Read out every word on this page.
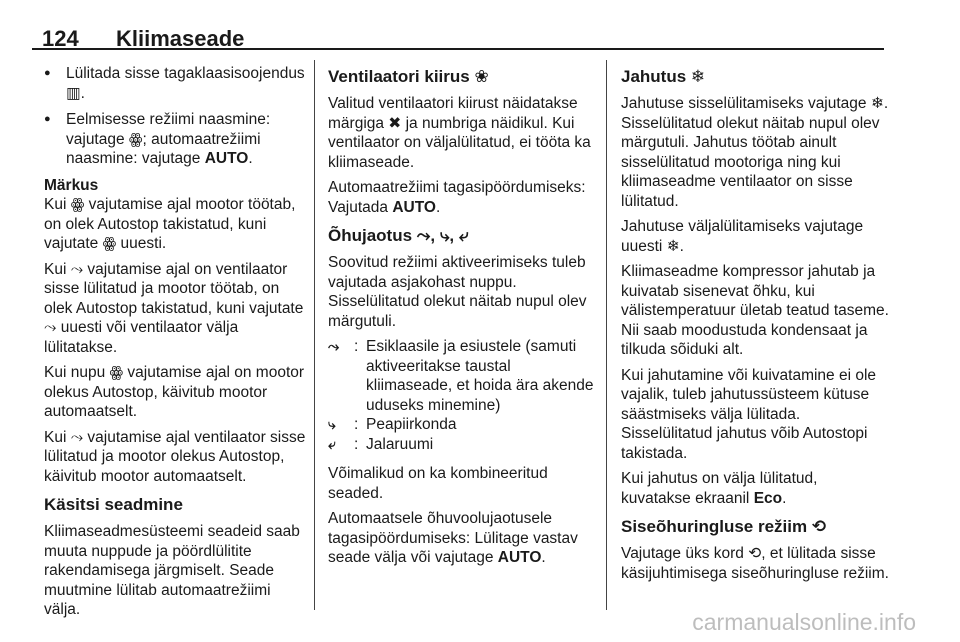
124 Kliimaseade

● Lülitada sisse tagaklaasisoojendus ▥.

● Eelmisesse režiimi naasmine: vajutage ꙮ; automaatrežiimi naasmine: vajutage AUTO.

Märkus

Kui ꙮ vajutamise ajal mootor töötab, on olek Autostop takistatud, kuni vajutate ꙮ uuesti.

Kui ⤳ vajutamise ajal on ventilaator sisse lülitatud ja mootor töötab, on olek Autostop takistatud, kuni vajutate ⤳ uuesti või ventilaator välja lülitatakse.

Kui nupu ꙮ vajutamise ajal on mootor olekus Autostop, käivitub mootor automaatselt.

Kui ⤳ vajutamise ajal ventilaator sisse lülitatud ja mootor olekus Autostop, käivitub mootor automaatselt.

Käsitsi seadmine

Kliimaseadmesüsteemi seadeid saab muuta nuppude ja pöördlülitite rakendamisega järgmiselt. Seade muutmine lülitab automaatrežiimi välja.

Ventilaatori kiirus ❀

Valitud ventilaatori kiirust näidatakse märgiga ✖ ja numbriga näidikul. Kui ventilaator on väljalülitatud, ei tööta ka kliimaseade.

Automaatrežiimi tagasipöördumiseks: Vajutada AUTO.

Õhujaotus ⤳, ⤷, ⤶

Soovitud režiimi aktiveerimiseks tuleb vajutada asjakohast nuppu. Sisselülitatud olekut näitab nupul olev märgutuli.

⤳ : Esiklaasile ja esiustele (samuti aktiveeritakse taustal kliimaseade, et hoida ära akende uduseks minemine)
⤷	: Peapiirkonda
⤶	: Jalaruumi

Võimalikud on ka kombineeritud seaded.

Automaatsele õhuvoolujaotusele tagasipöördumiseks: Lülitage vastav seade välja või vajutage AUTO.

Jahutus ❄

Jahutuse sisselülitamiseks vajutage ❄. Sisselülitatud olekut näitab nupul olev märgutuli. Jahutus töötab ainult sisselülitatud mootoriga ning kui kliimaseadme ventilaator on sisse lülitatud.

Jahutuse väljalülitamiseks vajutage uuesti ❄.

Kliimaseadme kompressor jahutab ja kuivatab sisenevat õhku, kui välistemperatuur ületab teatud taseme. Nii saab moodustuda kondensaat ja tilkuda sõiduki alt.

Kui jahutamine või kuivatamine ei ole vajalik, tuleb jahutussüsteem kütuse säästmiseks välja lülitada. Sisselülitatud jahutus võib Autostopi takistada.

Kui jahutus on välja lülitatud, kuvatakse ekraanil Eco.

Siseõhuringluse režiim ⟲

Vajutage üks kord ⟲, et lülitada sisse käsijuhtimisega siseõhuringluse režiim.

carmanualsonline.info
